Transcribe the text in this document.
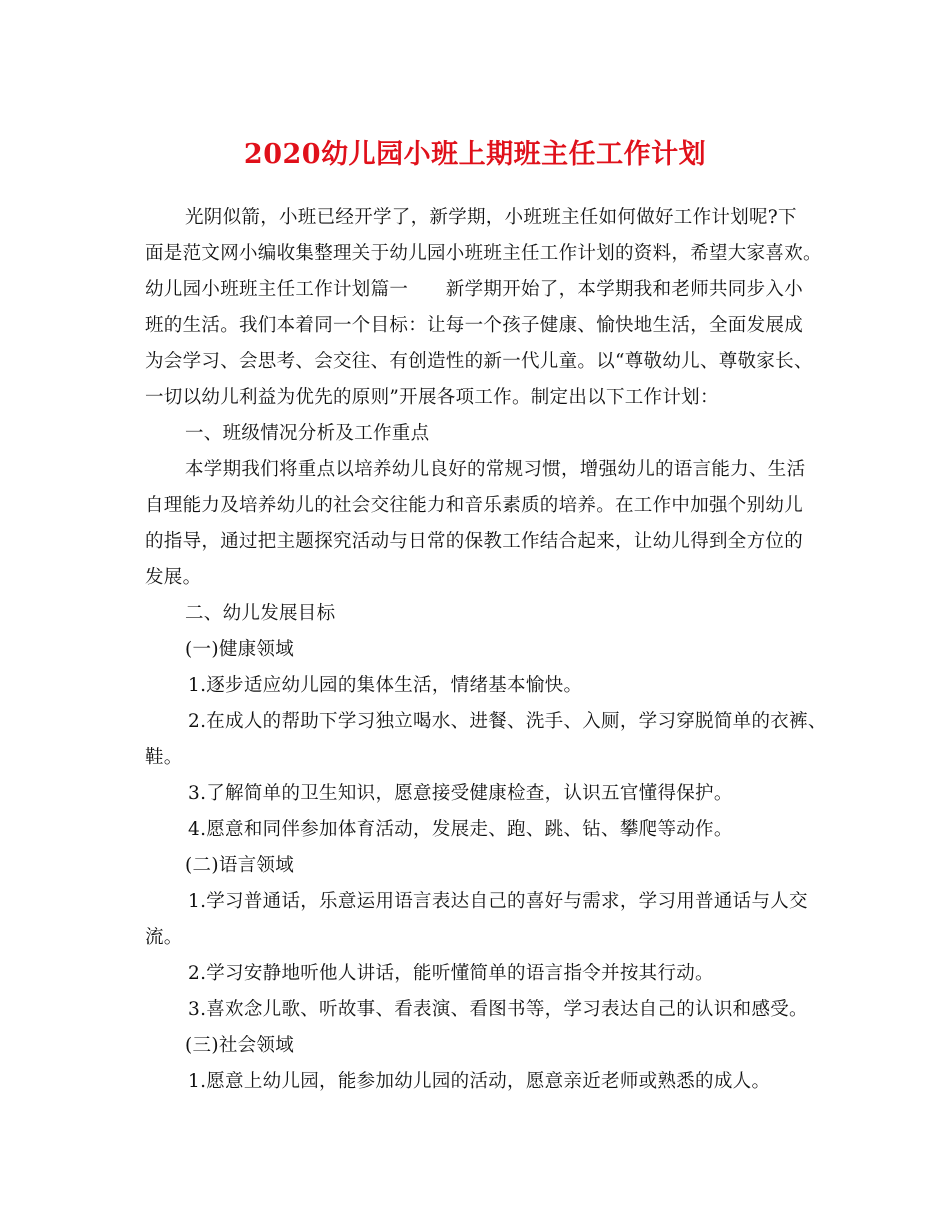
2020幼儿园小班上期班主任工作计划
光阴似箭，小班已经开学了，新学期，小班班主任如何做好工作计划呢?下
面是范文网小编收集整理关于幼儿园小班班主任工作计划的资料，希望大家喜欢。
幼儿园小班班主任工作计划篇一　　新学期开始了，本学期我和老师共同步入小
班的生活。我们本着同一个目标：让每一个孩子健康、愉快地生活，全面发展成
为会学习、会思考、会交往、有创造性的新一代儿童。以“尊敬幼儿、尊敬家长、
一切以幼儿利益为优先的原则”开展各项工作。制定出以下工作计划：
一、班级情况分析及工作重点
本学期我们将重点以培养幼儿良好的常规习惯，增强幼儿的语言能力、生活
自理能力及培养幼儿的社会交往能力和音乐素质的培养。在工作中加强个别幼儿
的指导，通过把主题探究活动与日常的保教工作结合起来，让幼儿得到全方位的
发展。
二、幼儿发展目标
(一)健康领域
1.逐步适应幼儿园的集体生活，情绪基本愉快。
2.在成人的帮助下学习独立喝水、进餐、洗手、入厕，学习穿脱简单的衣裤、
鞋。
3.了解简单的卫生知识，愿意接受健康检查，认识五官懂得保护。
4.愿意和同伴参加体育活动，发展走、跑、跳、钻、攀爬等动作。
(二)语言领域
1.学习普通话，乐意运用语言表达自己的喜好与需求，学习用普通话与人交
流。
2.学习安静地听他人讲话，能听懂简单的语言指令并按其行动。
3.喜欢念儿歌、听故事、看表演、看图书等，学习表达自己的认识和感受。
(三)社会领域
1.愿意上幼儿园，能参加幼儿园的活动，愿意亲近老师或熟悉的成人。
